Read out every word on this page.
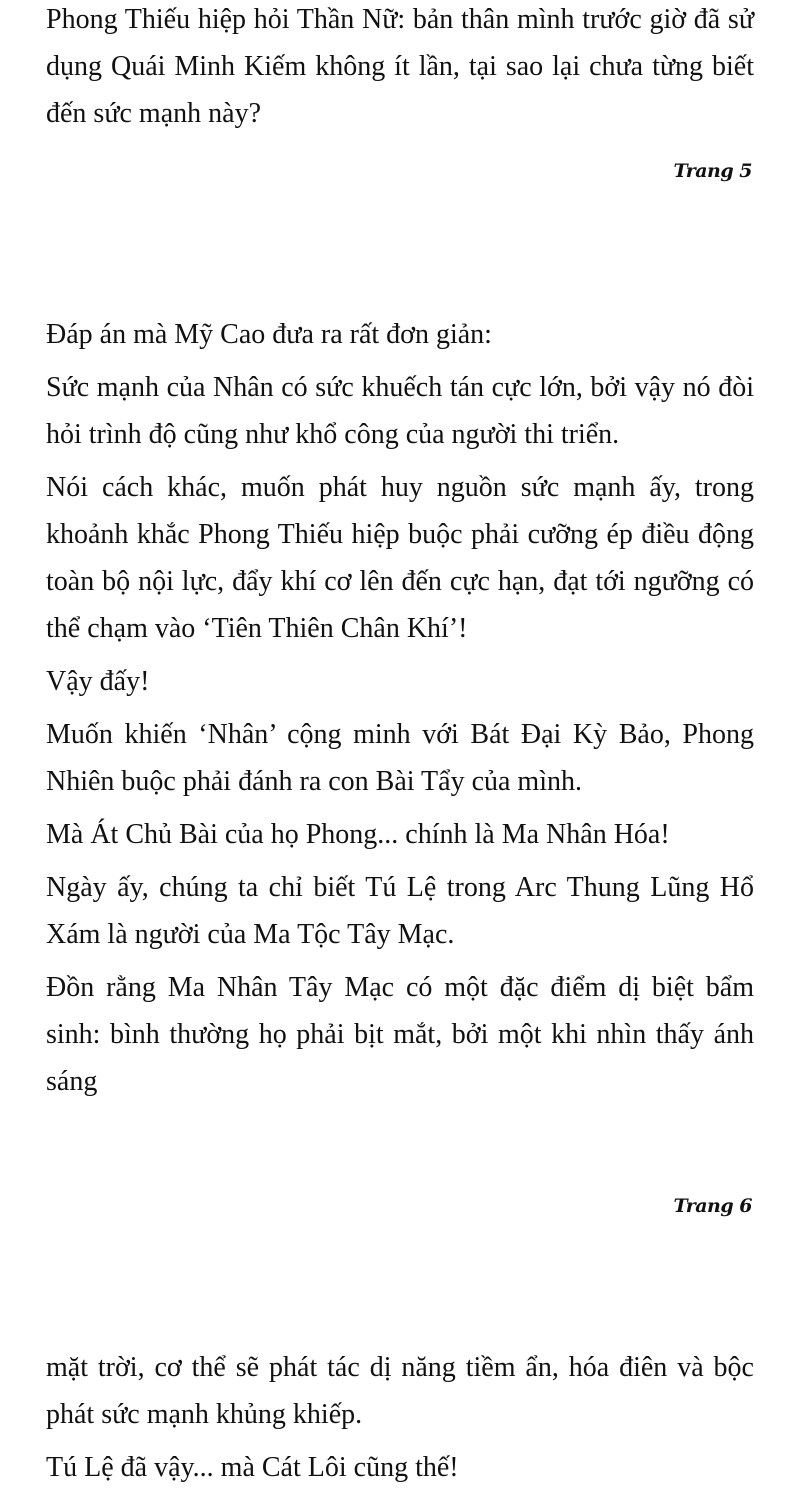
Phong Thiếu hiệp hỏi Thần Nữ: bản thân mình trước giờ đã sử dụng Quái Minh Kiếm không ít lần, tại sao lại chưa từng biết đến sức mạnh này?

Trang 5

Đáp án mà Mỹ Cao đưa ra rất đơn giản:

Sức mạnh của Nhân có sức khuếch tán cực lớn, bởi vậy nó đòi hỏi trình độ cũng như khổ công của người thi triển.

Nói cách khác, muốn phát huy nguồn sức mạnh ấy, trong khoảnh khắc Phong Thiếu hiệp buộc phải cưỡng ép điều động toàn bộ nội lực, đẩy khí cơ lên đến cực hạn, đạt tới ngưỡng có thể chạm vào ‘Tiên Thiên Chân Khí’!

Vậy đấy!

Muốn khiến ‘Nhân’ cộng minh với Bát Đại Kỳ Bảo, Phong Nhiên buộc phải đánh ra con Bài Tẩy của mình.

Mà Át Chủ Bài của họ Phong... chính là Ma Nhân Hóa!

Ngày ấy, chúng ta chỉ biết Tú Lệ trong Arc Thung Lũng Hổ Xám là người của Ma Tộc Tây Mạc.

Đồn rằng Ma Nhân Tây Mạc có một đặc điểm dị biệt bẩm sinh: bình thường họ phải bịt mắt, bởi một khi nhìn thấy ánh sáng

Trang 6

mặt trời, cơ thể sẽ phát tác dị năng tiềm ẩn, hóa điên và bộc phát sức mạnh khủng khiếp.

Tú Lệ đã vậy... mà Cát Lôi cũng thế!
